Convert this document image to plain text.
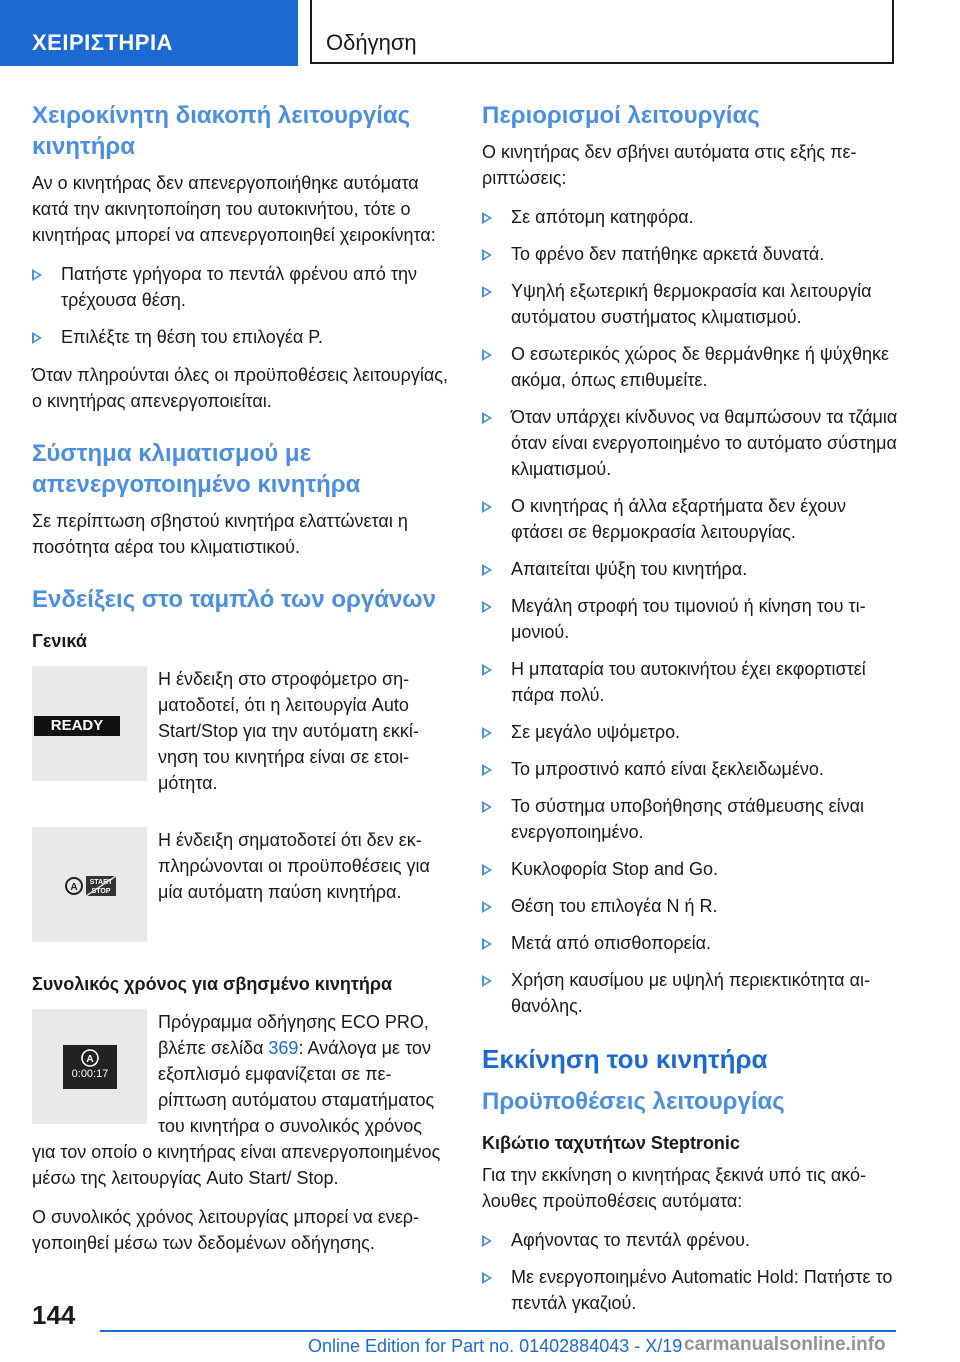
ΧΕΙΡΙΣΤΗΡΙΑ	Οδήγηση
Χειροκίνητη διακοπή λειτουργίας κινητήρα

Αν ο κινητήρας δεν απενεργοποιήθηκε αυτόματα κατά την ακινητοποίηση του αυτοκινήτου, τότε ο κινητήρας μπορεί να απενεργοποιηθεί χειροκίνητα:

Πατήστε γρήγορα το πεντάλ φρένου από την τρέχουσα θέση.
Επιλέξτε τη θέση του επιλογέα P.

Όταν πληρούνται όλες οι προϋποθέσεις λειτουργίας, ο κινητήρας απενεργοποιείται.

Σύστημα κλιματισμού με απενεργοποιημένο κινητήρα

Σε περίπτωση σβηστού κινητήρα ελαττώνεται η ποσότητα αέρα του κλιματιστικού.

Ενδείξεις στο ταμπλό των οργάνων
Γενικά
READY

Η ένδειξη στο στροφόμετρο σηματοδοτεί, ότι η λειτουργία Auto Start/Stop για την αυτόματη εκκίνηση του κινητήρα είναι σε ετοιμότητα.

A START
STOP

Η ένδειξη σηματοδοτεί ότι δεν εκπληρώνονται οι προϋποθέσεις για μία αυτόματη παύση κινητήρα.

Συνολικός χρόνος για σβησμένο κινητήρα
A
0:00:17

Πρόγραμμα οδήγησης ECO PRO, βλέπε σελίδα 369: Ανάλογα με τον εξοπλισμό εμφανίζεται σε περίπτωση αυτόματου σταματήματος του κινητήρα ο συνολικός χρόνος για τον οποίο ο κινητήρας είναι απενεργοποιημένος μέσω της λειτουργίας Auto Start/ Stop.

Ο συνολικός χρόνος λειτουργίας μπορεί να ενεργοποιηθεί μέσω των δεδομένων οδήγησης.

Περιορισμοί λειτουργίας

Ο κινητήρας δεν σβήνει αυτόματα στις εξής περιπτώσεις:

Σε απότομη κατηφόρα.
Το φρένο δεν πατήθηκε αρκετά δυνατά.
Υψηλή εξωτερική θερμοκρασία και λειτουργία αυτόματου συστήματος κλιματισμού.
Ο εσωτερικός χώρος δε θερμάνθηκε ή ψύχθηκε ακόμα, όπως επιθυμείτε.
Όταν υπάρχει κίνδυνος να θαμπώσουν τα τζάμια όταν είναι ενεργοποιημένο το αυτόματο σύστημα κλιματισμού.
Ο κινητήρας ή άλλα εξαρτήματα δεν έχουν φτάσει σε θερμοκρασία λειτουργίας.
Απαιτείται ψύξη του κινητήρα.
Μεγάλη στροφή του τιμονιού ή κίνηση του τιμονιού.
Η μπαταρία του αυτοκινήτου έχει εκφορτιστεί πάρα πολύ.
Σε μεγάλο υψόμετρο.
Το μπροστινό καπό είναι ξεκλειδωμένο.
Το σύστημα υποβοήθησης στάθμευσης είναι ενεργοποιημένο.
Κυκλοφορία Stop and Go.
Θέση του επιλογέα N ή R.
Μετά από οπισθοπορεία.
Χρήση καυσίμου με υψηλή περιεκτικότητα αιθανόλης.
Εκκίνηση του κινητήρα
Προϋποθέσεις λειτουργίας
Κιβώτιο ταχυτήτων Steptronic

Για την εκκίνηση ο κινητήρας ξεκινά υπό τις ακόλουθες προϋποθέσεις αυτόματα:

Αφήνοντας το πεντάλ φρένου.
Με ενεργοποιημένο Automatic Hold: Πατήστε το πεντάλ γκαζιού.
144
Online Edition for Part no. 01402884043 - X/19 carmanualsonline.info
